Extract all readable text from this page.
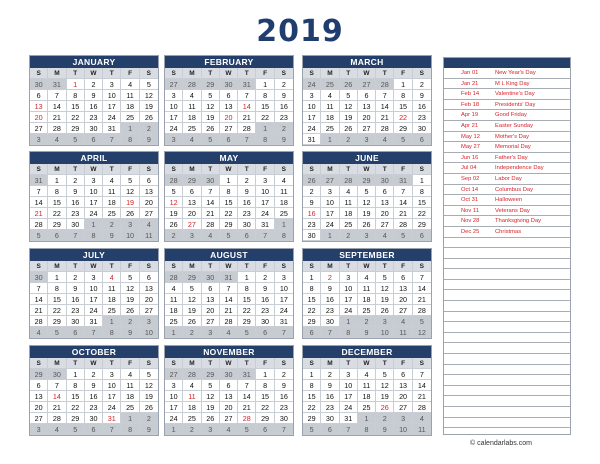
2019
JANUARY
S	M	T	W	T	F	S
30	31	1	2	3	4	5
6	7	8	9	10	11	12
13	14	15	16	17	18	19
20	21	22	23	24	25	26
27	28	29	30	31	1	2
3	4	5	6	7	8	9
FEBRUARY
S	M	T	W	T	F	S
27	28	29	30	31	1	2
3	4	5	6	7	8	9
10	11	12	13	14	15	16
17	18	19	20	21	22	23
24	25	26	27	28	1	2
3	4	5	6	7	8	9
MARCH
S	M	T	W	T	F	S
24	25	26	27	28	1	2
3	4	5	6	7	8	9
10	11	12	13	14	15	16
17	18	19	20	21	22	23
24	25	26	27	28	29	30
31	1	2	3	4	5	6
APRIL
S	M	T	W	T	F	S
31	1	2	3	4	5	6
7	8	9	10	11	12	13
14	15	16	17	18	19	20
21	22	23	24	25	26	27
28	29	30	1	2	3	4
5	6	7	8	9	10	11
MAY
S	M	T	W	T	F	S
28	29	30	1	2	3	4
5	6	7	8	9	10	11
12	13	14	15	16	17	18
19	20	21	22	23	24	25
26	27	28	29	30	31	1
2	3	4	5	6	7	8
JUNE
S	M	T	W	T	F	S
26	27	28	29	30	31	1
2	3	4	5	6	7	8
9	10	11	12	13	14	15
16	17	18	19	20	21	22
23	24	25	26	27	28	29
30	1	2	3	4	5	6
JULY
S	M	T	W	T	F	S
30	1	2	3	4	5	6
7	8	9	10	11	12	13
14	15	16	17	18	19	20
21	22	23	24	25	26	27
28	29	30	31	1	2	3
4	5	6	7	8	9	10
AUGUST
S	M	T	W	T	F	S
28	29	30	31	1	2	3
4	5	6	7	8	9	10
11	12	13	14	15	16	17
18	19	20	21	22	23	24
25	26	27	28	29	30	31
1	2	3	4	5	6	7
SEPTEMBER
S	M	T	W	T	F	S
1	2	3	4	5	6	7
8	9	10	11	12	13	14
15	16	17	18	19	20	21
22	23	24	25	26	27	28
29	30	1	2	3	4	5
6	7	8	9	10	11	12
OCTOBER
S	M	T	W	T	F	S
29	30	1	2	3	4	5
6	7	8	9	10	11	12
13	14	15	16	17	18	19
20	21	22	23	24	25	26
27	28	29	30	31	1	2
3	4	5	6	7	8	9
NOVEMBER
S	M	T	W	T	F	S
27	28	29	30	31	1	2
3	4	5	6	7	8	9
10	11	12	13	14	15	16
17	18	19	20	21	22	23
24	25	26	27	28	29	30
1	2	3	4	5	6	7
DECEMBER
S	M	T	W	T	F	S
1	2	3	4	5	6	7
8	9	10	11	12	13	14
15	16	17	18	19	20	21
22	23	24	25	26	27	28
29	30	31	1	2	3	4
5	6	7	8	9	10	11
Jan 01	New Year's Day
Jan 21	M L King Day
Feb 14	Valentine's Day
Feb 18	Presidents' Day
Apr 19	Good Friday
Apr 21	Easter Sunday
May 12	Mother's Day
May 27	Memorial Day
Jun 16	Father's Day
Jul 04	Independence Day
Sep 02	Labor Day
Oct 14	Columbus Day
Oct 31	Halloween
Nov 11	Veterans Day
Nov 28	Thanksgiving Day
Dec 25	Christmas
© calendarlabs.com
